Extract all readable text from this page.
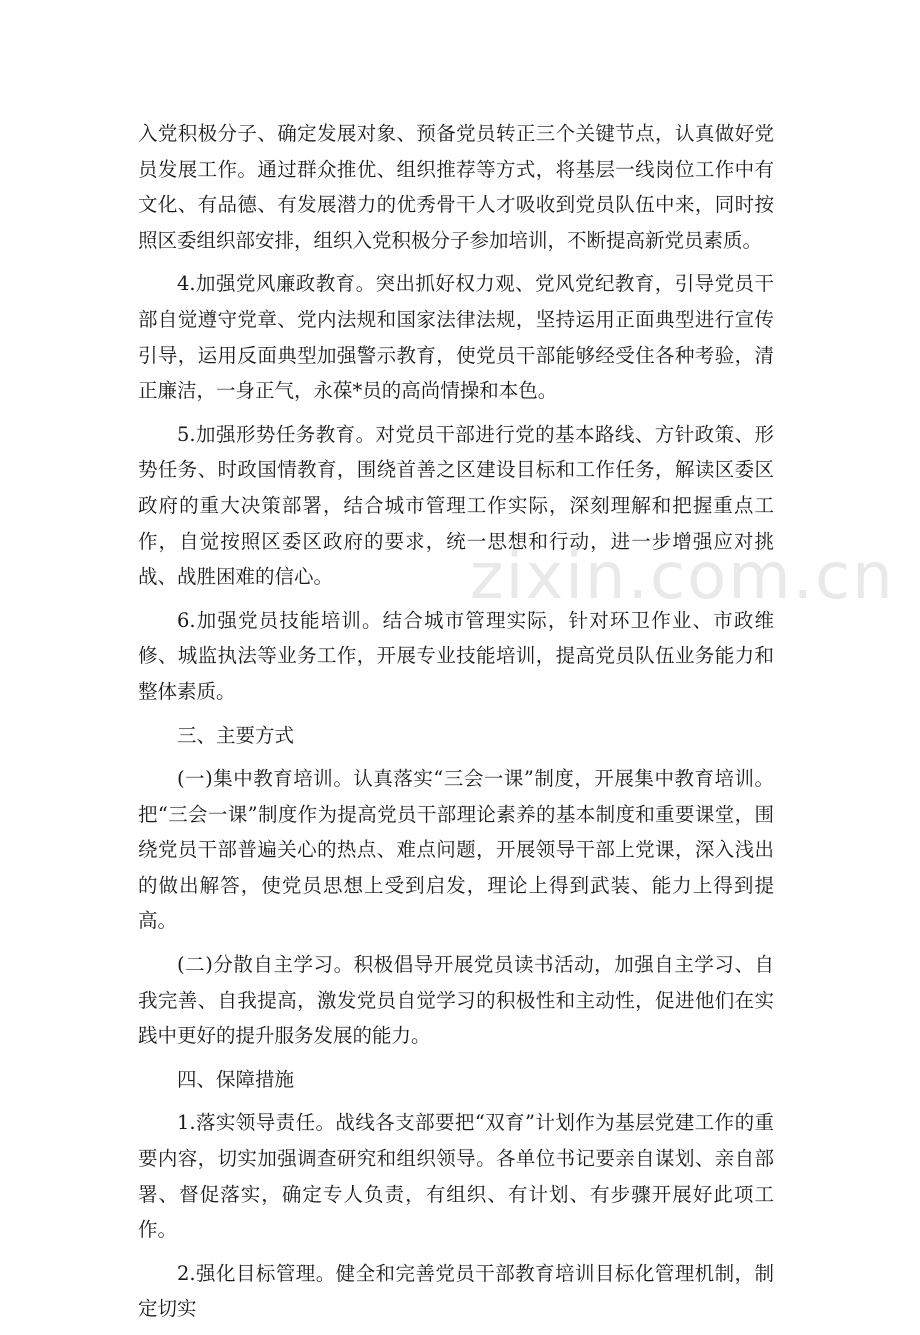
zixin.com.cn

入党积极分子、确定发展对象、预备党员转正三个关键节点，认真做好党员发展工作。通过群众推优、组织推荐等方式，将基层一线岗位工作中有文化、有品德、有发展潜力的优秀骨干人才吸收到党员队伍中来，同时按照区委组织部安排，组织入党积极分子参加培训，不断提高新党员素质。

4.加强党风廉政教育。突出抓好权力观、党风党纪教育，引导党员干部自觉遵守党章、党内法规和国家法律法规，坚持运用正面典型进行宣传引导，运用反面典型加强警示教育，使党员干部能够经受住各种考验，清正廉洁，一身正气，永葆*员的高尚情操和本色。

5.加强形势任务教育。对党员干部进行党的基本路线、方针政策、形势任务、时政国情教育，围绕首善之区建设目标和工作任务，解读区委区政府的重大决策部署，结合城市管理工作实际，深刻理解和把握重点工作，自觉按照区委区政府的要求，统一思想和行动，进一步增强应对挑战、战胜困难的信心。

6.加强党员技能培训。结合城市管理实际，针对环卫作业、市政维修、城监执法等业务工作，开展专业技能培训，提高党员队伍业务能力和整体素质。

三、主要方式

(一)集中教育培训。认真落实“三会一课”制度，开展集中教育培训。把“三会一课”制度作为提高党员干部理论素养的基本制度和重要课堂，围绕党员干部普遍关心的热点、难点问题，开展领导干部上党课，深入浅出的做出解答，使党员思想上受到启发，理论上得到武装、能力上得到提高。

(二)分散自主学习。积极倡导开展党员读书活动，加强自主学习、自我完善、自我提高，激发党员自觉学习的积极性和主动性，促进他们在实践中更好的提升服务发展的能力。

四、保障措施

1.落实领导责任。战线各支部要把“双育”计划作为基层党建工作的重要内容，切实加强调查研究和组织领导。各单位书记要亲自谋划、亲自部署、督促落实，确定专人负责，有组织、有计划、有步骤开展好此项工作。

2.强化目标管理。健全和完善党员干部教育培训目标化管理机制，制定切实
